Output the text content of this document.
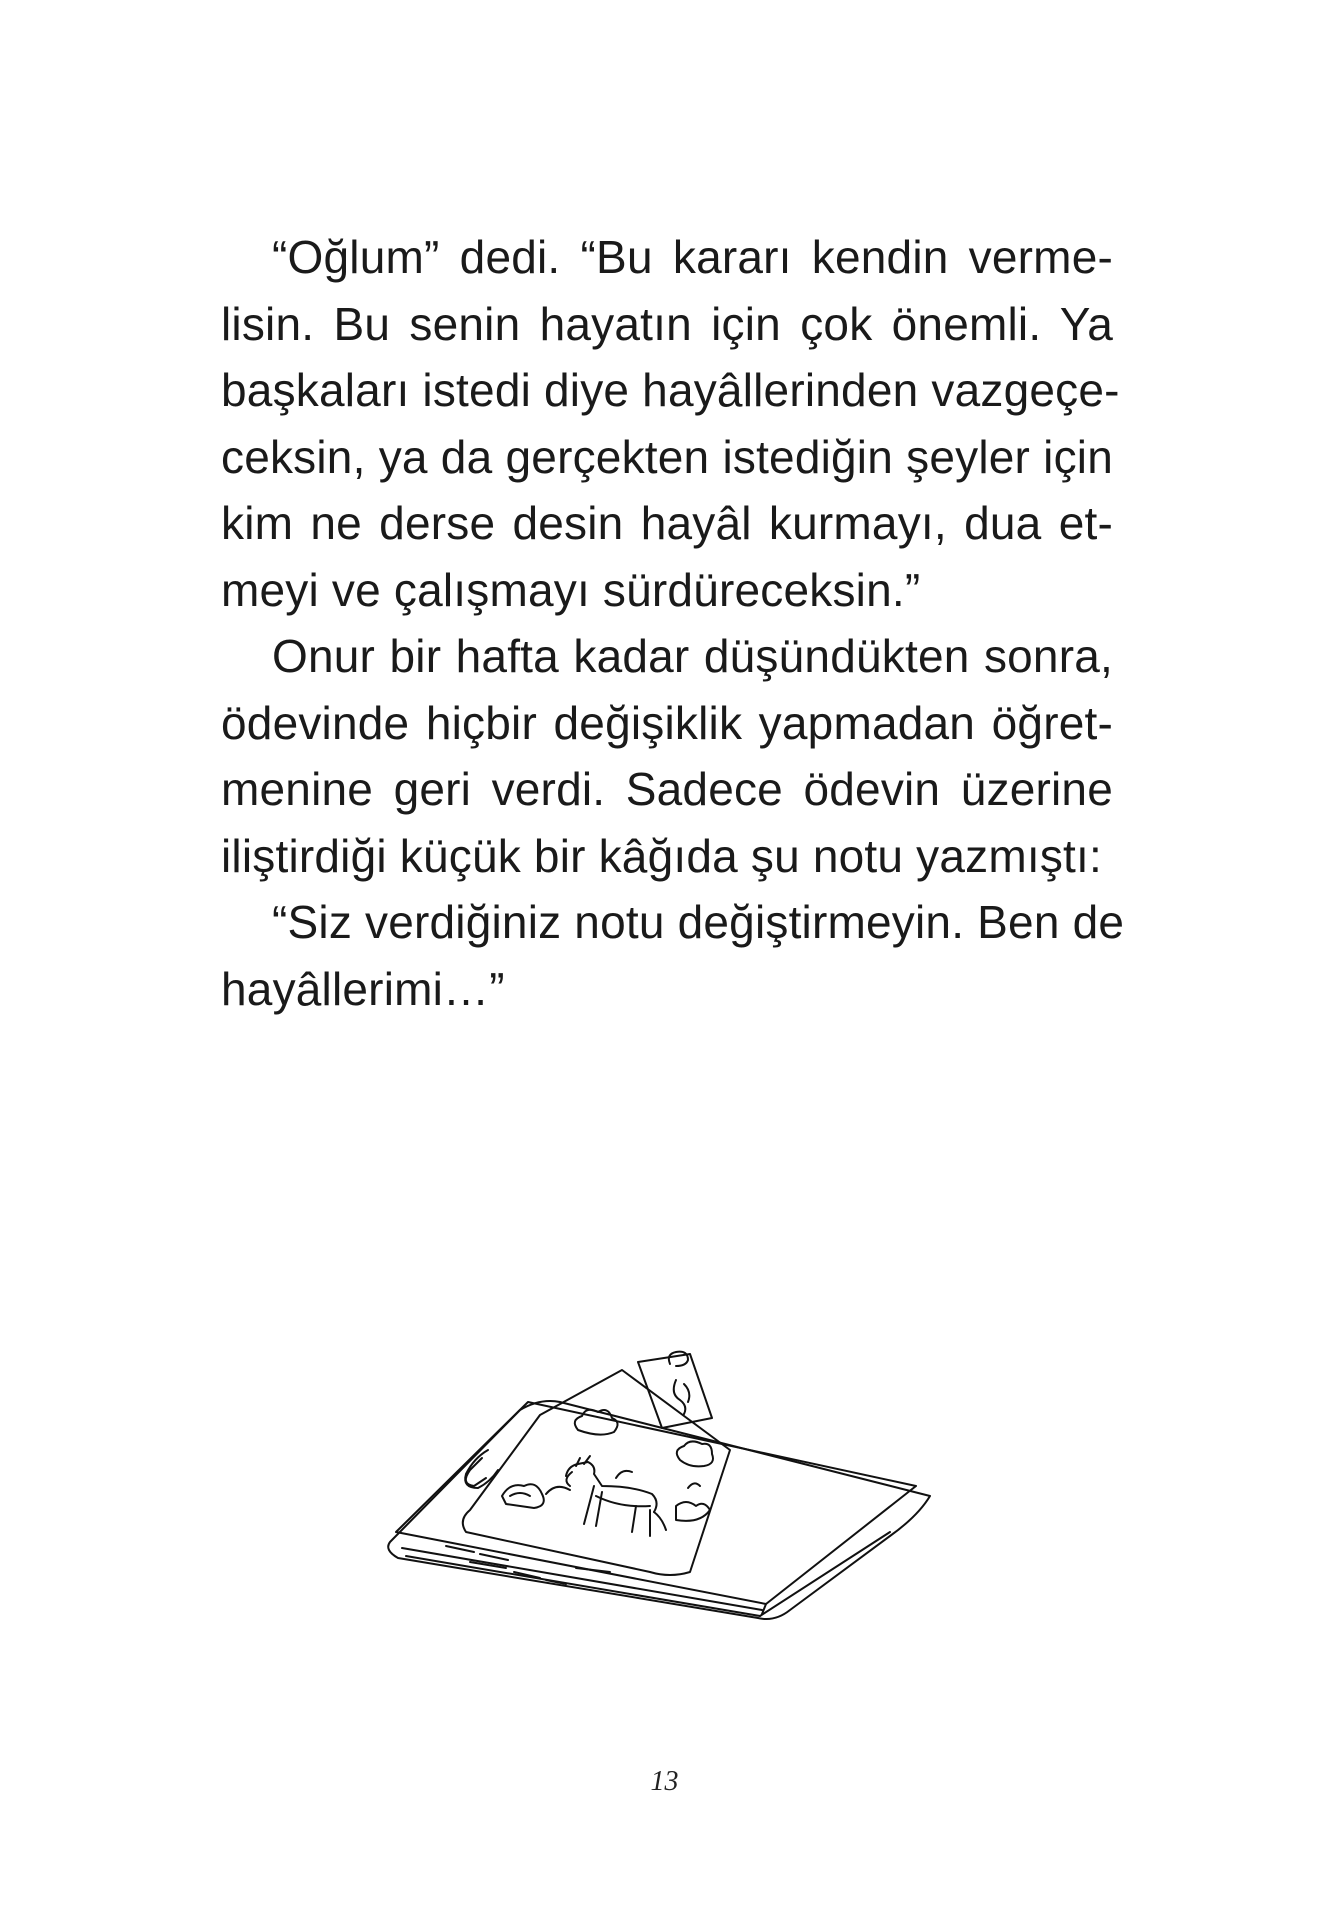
“Oğlum” dedi. “Bu kararı kendin verme-
lisin. Bu senin hayatın için çok önemli. Ya
başkaları istedi diye hayâllerinden vazgeçe-
ceksin, ya da gerçekten istediğin şeyler için
kim ne derse desin hayâl kurmayı, dua et-
meyi ve çalışmayı sürdüreceksin.”
Onur bir hafta kadar düşündükten sonra,
ödevinde hiçbir değişiklik yapmadan öğret-
menine geri verdi. Sadece ödevin üzerine
iliştirdiği küçük bir kâğıda şu notu yazmıştı:
“Siz verdiğiniz notu değiştirmeyin. Ben de
hayâllerimi…”
13
